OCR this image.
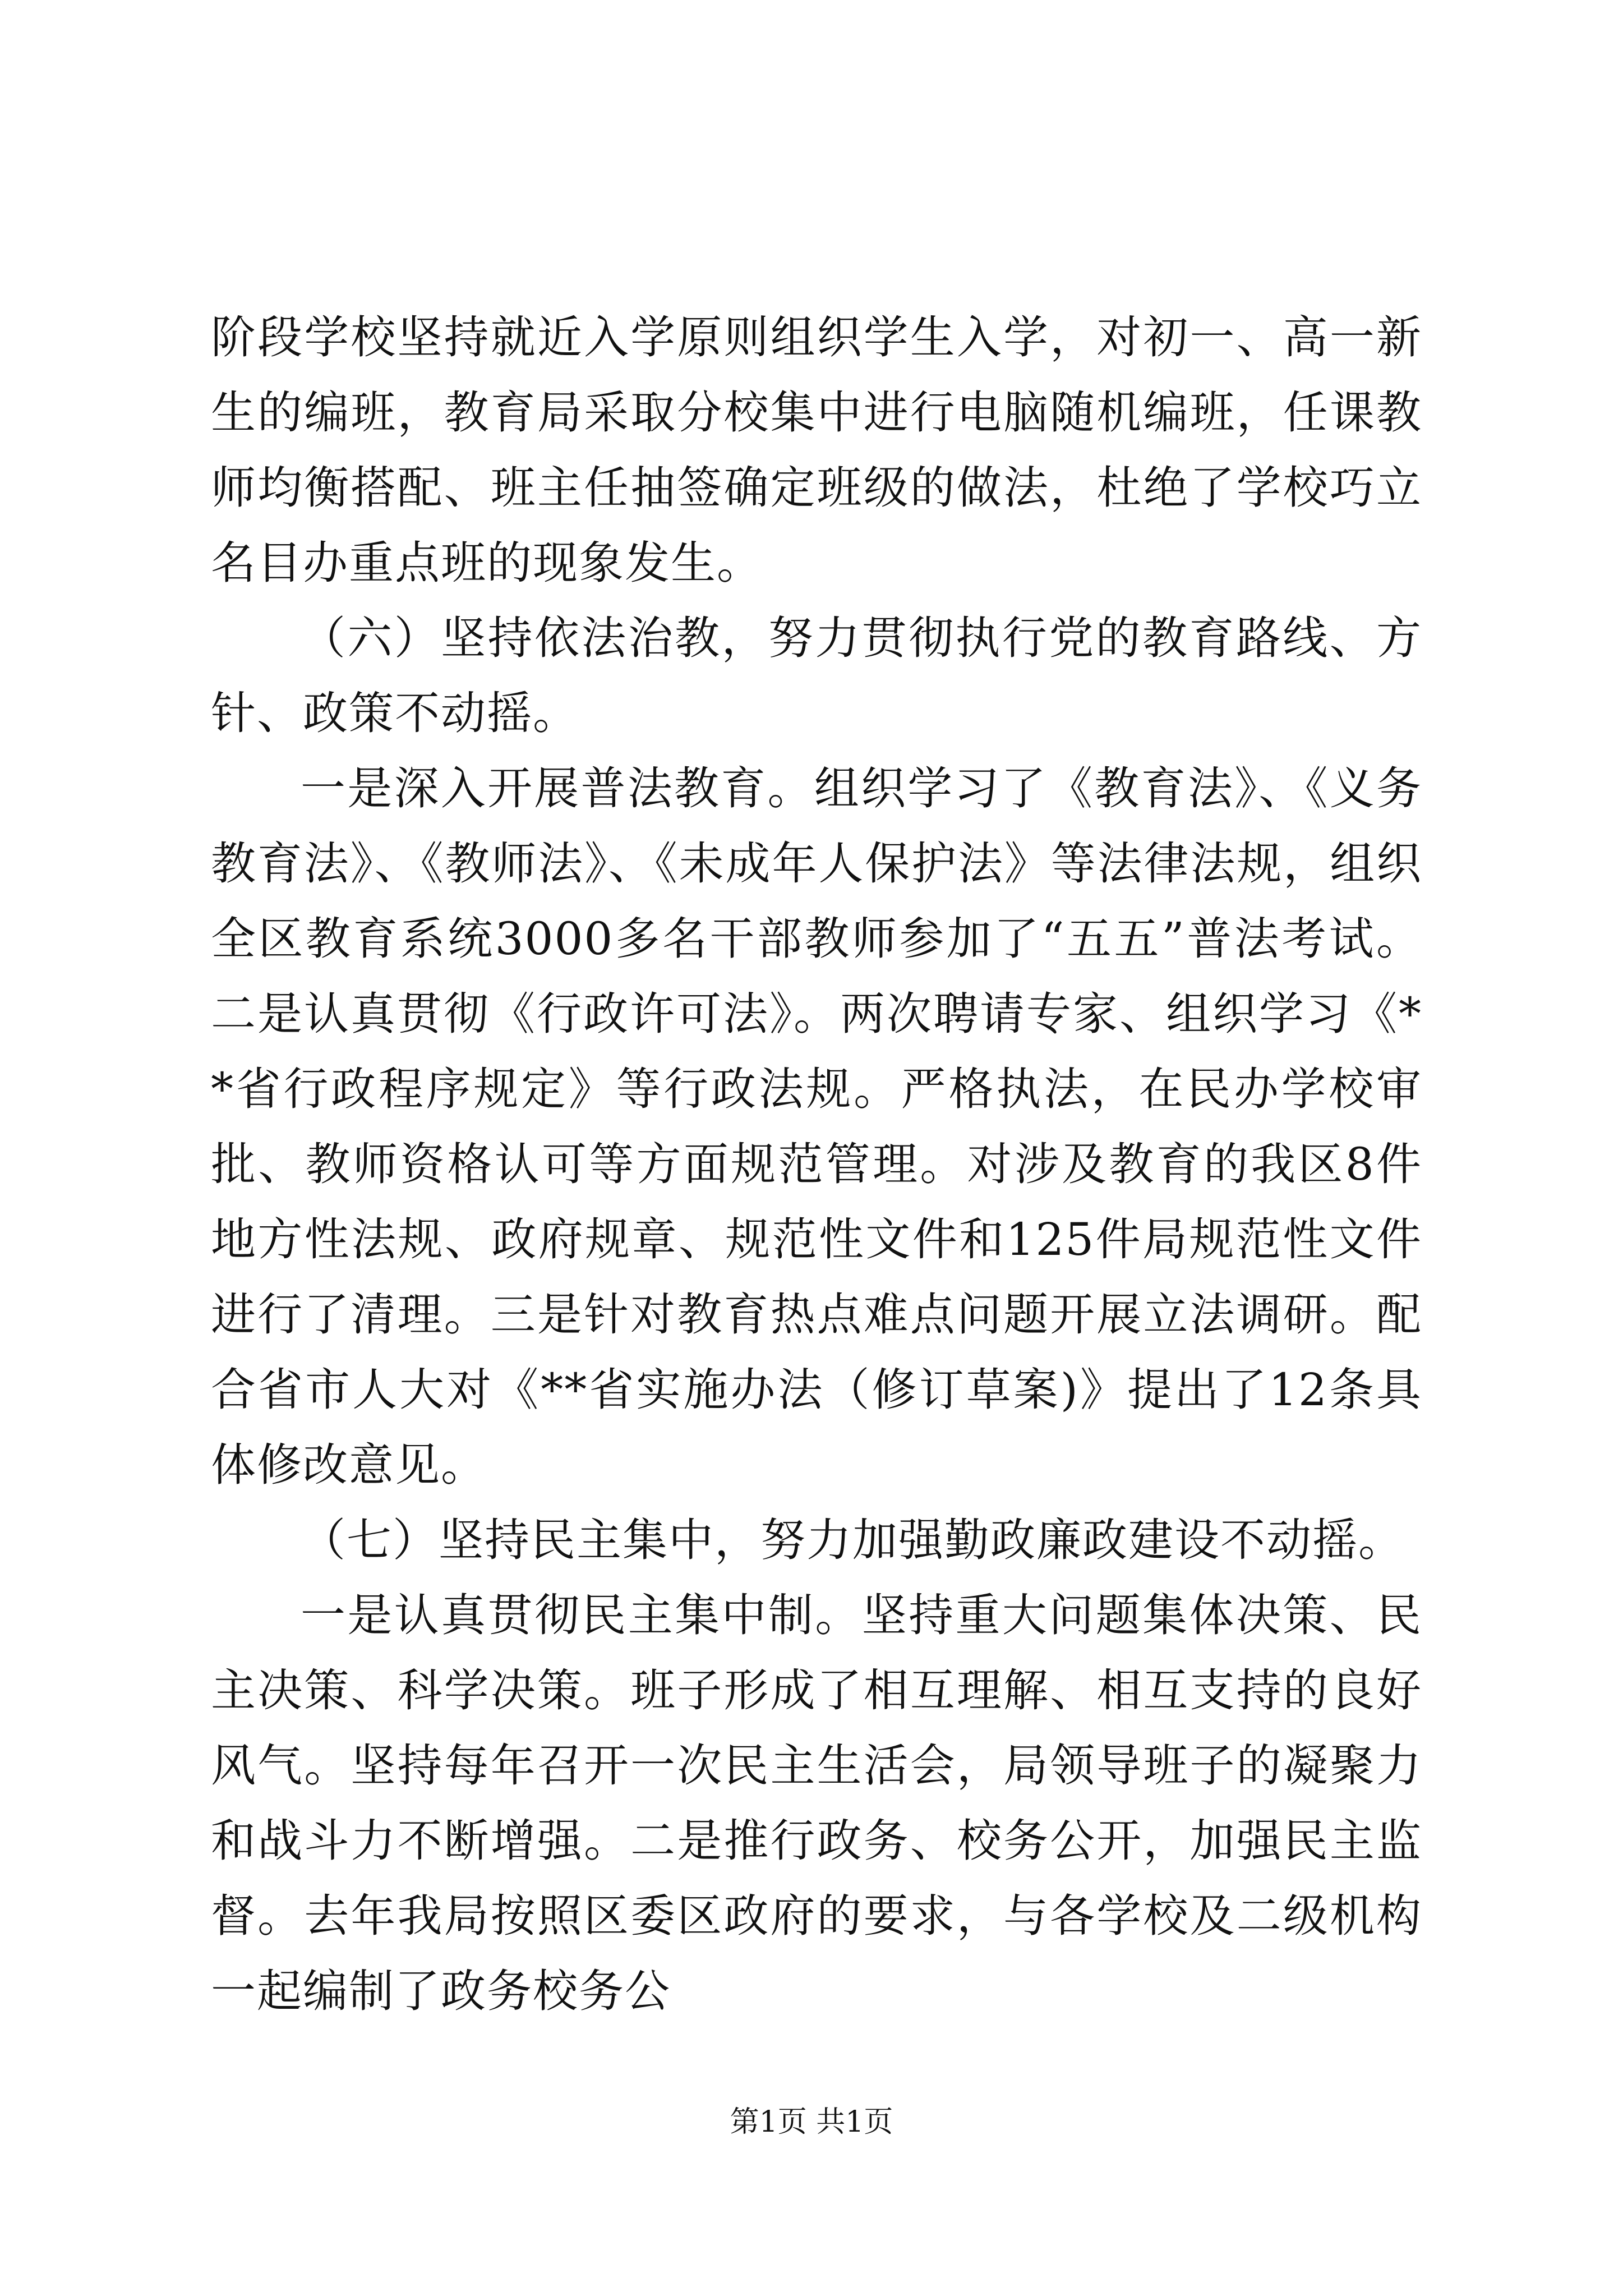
阶段学校坚持就近入学原则组织学生入学，对初一、高一新生的编班，教育局采取分校集中进行电脑随机编班，任课教师均衡搭配、班主任抽签确定班级的做法，杜绝了学校巧立名目办重点班的现象发生。

（六）坚持依法治教，努力贯彻执行党的教育路线、方针、政策不动摇。

一是深入开展普法教育。组织学习了《教育法》、《义务教育法》、《教师法》、《未成年人保护法》等法律法规，组织全区教育系统3000多名干部教师参加了“五五”普法考试。二是认真贯彻《行政许可法》。两次聘请专家、组织学习《**省行政程序规定》等行政法规。严格执法，在民办学校审批、教师资格认可等方面规范管理。对涉及教育的我区8件地方性法规、政府规章、规范性文件和125件局规范性文件进行了清理。三是针对教育热点难点问题开展立法调研。配合省市人大对《**省实施办法（修订草案)》提出了12条具体修改意见。

（七）坚持民主集中，努力加强勤政廉政建设不动摇。

一是认真贯彻民主集中制。坚持重大问题集体决策、民主决策、科学决策。班子形成了相互理解、相互支持的良好风气。坚持每年召开一次民主生活会，局领导班子的凝聚力和战斗力不断增强。二是推行政务、校务公开，加强民主监督。去年我局按照区委区政府的要求，与各学校及二级机构一起编制了政务校务公

第1页 共1页
